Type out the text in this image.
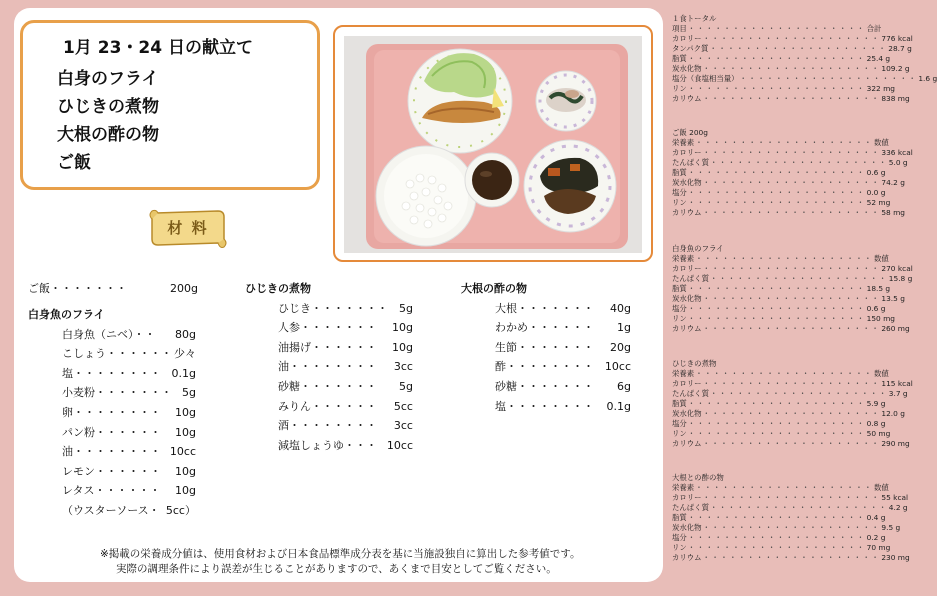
1月 23・24 日の献立て
白身のフライ
ひじきの煮物
大根の酢の物
ご飯
材 料
ご飯・・・・・・・	200g
白身魚のフライ
白身魚（ニベ）・・ 80g
こしょう・・・・・・ 少々
塩・・・・・・・・ 0.1g
小麦粉・・・・・・・ 5g
卵・・・・・・・・ 10g
パン粉・・・・・・ 10g
油・・・・・・・・ 10cc
レモン・・・・・・ 10g
レタス・・・・・・ 10g
（ウスターソース・ 5cc）
ひじきの煮物
ひじき・・・・・・・ 5g
人参・・・・・・・ 10g
油揚げ・・・・・・ 10g
油・・・・・・・・ 3cc
砂糖・・・・・・・ 5g
みりん・・・・・・ 5cc
酒・・・・・・・・ 3cc
減塩しょうゆ・・・ 10cc
大根の酢の物
大根・・・・・・・ 40g
わかめ・・・・・・ 1g
生節・・・・・・・ 20g
酢・・・・・・・・ 10cc
砂糖・・・・・・・ 6g
塩・・・・・・・・ 0.1g
※掲載の栄養成分値は、使用食材および日本食品標準成分表を基に当施設独自に算出した参考値です。
実際の調理条件により誤差が生じることがありますので、あくまで目安としてご覧ください。
１食トータル
項目 ・・・・・・・・・・・・・・・・・・・・ 合計
カロリー ・・・・・・・・・・・・・・・・・・・・ 776 kcal
タンパク質 ・・・・・・・・・・・・・・・・・・・・ 28.7 g
脂質 ・・・・・・・・・・・・・・・・・・・・ 25.4 g
炭水化物 ・・・・・・・・・・・・・・・・・・・・ 109.2 g
塩分（食塩相当量） ・・・・・・・・・・・・・・・・・・・・ 1.6 g
リン ・・・・・・・・・・・・・・・・・・・・ 322 mg
カリウム ・・・・・・・・・・・・・・・・・・・・ 838 mg
ご飯 200g
栄養素 ・・・・・・・・・・・・・・・・・・・・ 数値
カロリー ・・・・・・・・・・・・・・・・・・・・ 336 kcal
たんぱく質 ・・・・・・・・・・・・・・・・・・・・ 5.0 g
脂質 ・・・・・・・・・・・・・・・・・・・・ 0.6 g
炭水化物 ・・・・・・・・・・・・・・・・・・・・ 74.2 g
塩分 ・・・・・・・・・・・・・・・・・・・・ 0.0 g
リン ・・・・・・・・・・・・・・・・・・・・ 52 mg
カリウム ・・・・・・・・・・・・・・・・・・・・ 58 mg
白身魚のフライ
栄養素 ・・・・・・・・・・・・・・・・・・・・ 数値
カロリー ・・・・・・・・・・・・・・・・・・・・ 270 kcal
たんぱく質 ・・・・・・・・・・・・・・・・・・・・ 15.8 g
脂質 ・・・・・・・・・・・・・・・・・・・・ 18.5 g
炭水化物 ・・・・・・・・・・・・・・・・・・・・ 13.5 g
塩分 ・・・・・・・・・・・・・・・・・・・・ 0.6 g
リン ・・・・・・・・・・・・・・・・・・・・ 150 mg
カリウム ・・・・・・・・・・・・・・・・・・・・ 260 mg
ひじきの煮物
栄養素 ・・・・・・・・・・・・・・・・・・・・ 数値
カロリー ・・・・・・・・・・・・・・・・・・・・ 115 kcal
たんぱく質 ・・・・・・・・・・・・・・・・・・・・ 3.7 g
脂質 ・・・・・・・・・・・・・・・・・・・・ 5.9 g
炭水化物 ・・・・・・・・・・・・・・・・・・・・ 12.0 g
塩分 ・・・・・・・・・・・・・・・・・・・・ 0.8 g
リン ・・・・・・・・・・・・・・・・・・・・ 50 mg
カリウム ・・・・・・・・・・・・・・・・・・・・ 290 mg
大根との酢の物
栄養素 ・・・・・・・・・・・・・・・・・・・・ 数値
カロリー ・・・・・・・・・・・・・・・・・・・・ 55 kcal
たんぱく質 ・・・・・・・・・・・・・・・・・・・・ 4.2 g
脂質 ・・・・・・・・・・・・・・・・・・・・ 0.4 g
炭水化物 ・・・・・・・・・・・・・・・・・・・・ 9.5 g
塩分 ・・・・・・・・・・・・・・・・・・・・ 0.2 g
リン ・・・・・・・・・・・・・・・・・・・・ 70 mg
カリウム ・・・・・・・・・・・・・・・・・・・・ 230 mg
